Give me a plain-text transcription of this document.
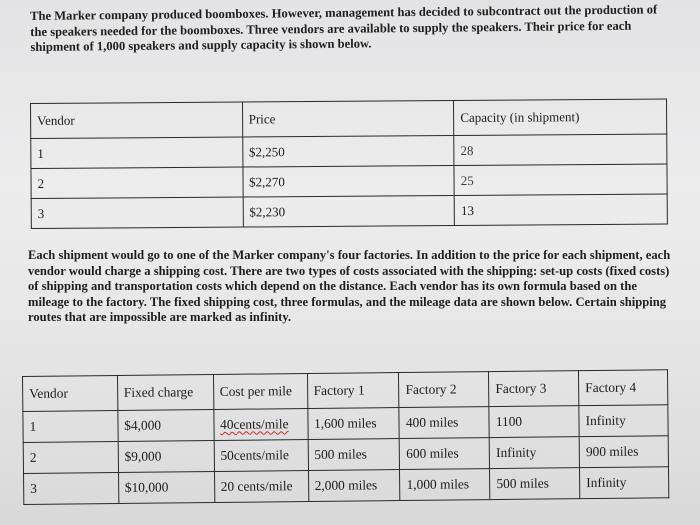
The Marker company produced boomboxes. However, management has decided to subcontract out the production of the speakers needed for the boomboxes. Three vendors are available to supply the speakers. Their price for each shipment of 1,000 speakers and supply capacity is shown below.

Vendor	Price	Capacity (in shipment)
1	$2,250	28
2	$2,270	25
3	$2,230	13

Each shipment would go to one of the Marker company's four factories. In addition to the price for each shipment, each vendor would charge a shipping cost. There are two types of costs associated with the shipping: set-up costs (fixed costs) of shipping and transportation costs which depend on the distance. Each vendor has its own formula based on the mileage to the factory. The fixed shipping cost, three formulas, and the mileage data are shown below. Certain shipping routes that are impossible are marked as infinity.

Vendor	Fixed charge	Cost per mile	Factory 1	Factory 2	Factory 3	Factory 4
1	$4,000	40cents/mile	1,600 miles	400 miles	1100	Infinity
2	$9,000	50cents/mile	500 miles	600 miles	Infinity	900 miles
3	$10,000	20 cents/mile	2,000 miles	1,000 miles	500 miles	Infinity
